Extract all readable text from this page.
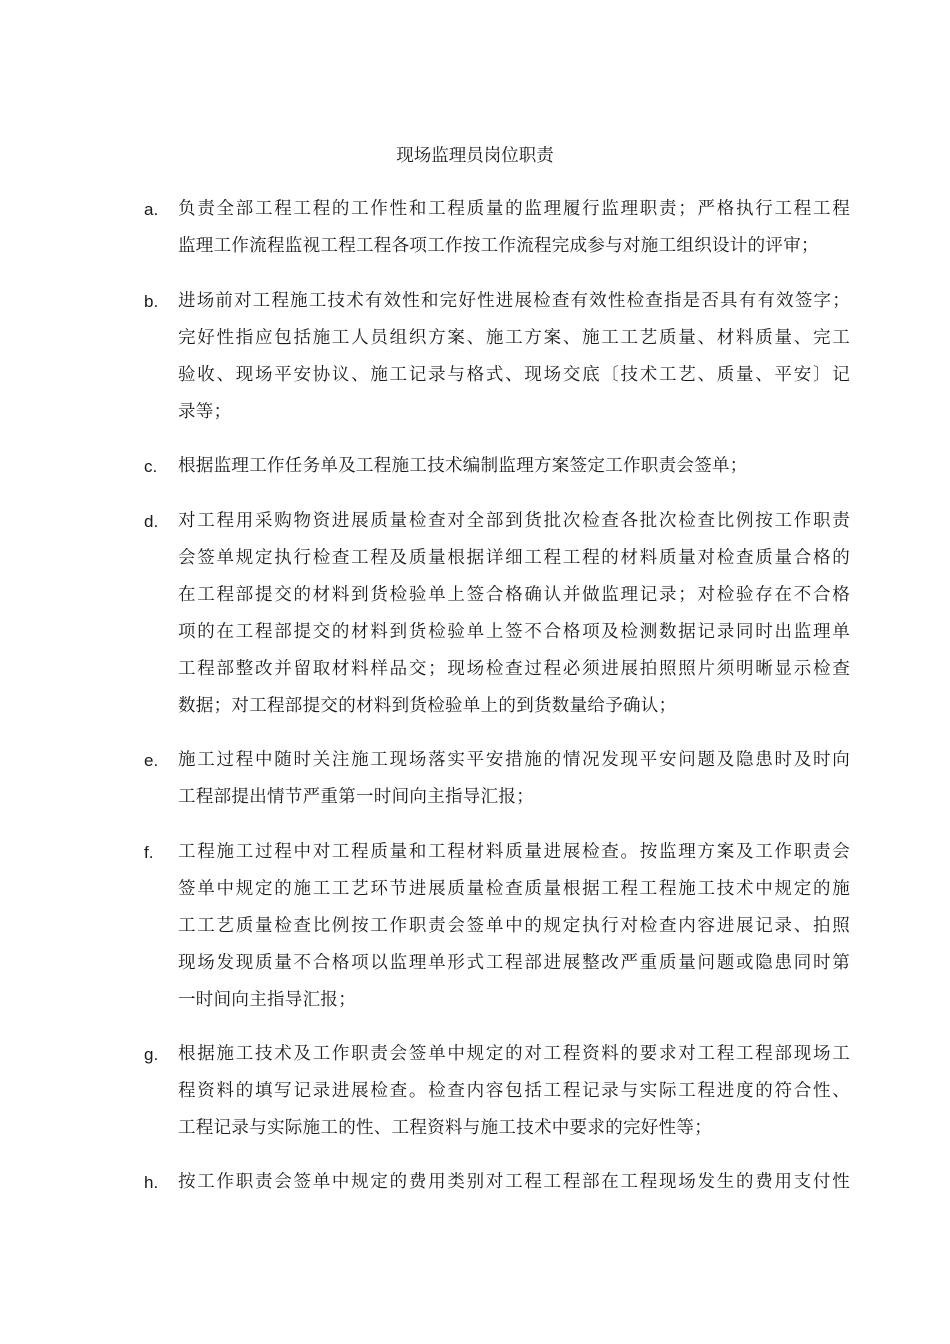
现场监理员岗位职责
a. 负责全部工程工程的工作性和工程质量的监理履行监理职责；严格执行工程工程
监理工作流程监视工程工程各项工作按工作流程完成参与对施工组织设计的评审；
b. 进场前对工程施工技术有效性和完好性进展检查有效性检查指是否具有有效签字；
完好性指应包括施工人员组织方案、施工方案、施工工艺质量、材料质量、完工
验收、现场平安协议、施工记录与格式、现场交底〔技术工艺、质量、平安〕记
录等；
c. 根据监理工作任务单及工程施工技术编制监理方案签定工作职责会签单；
d. 对工程用采购物资进展质量检查对全部到货批次检查各批次检查比例按工作职责
会签单规定执行检查工程及质量根据详细工程工程的材料质量对检查质量合格的
在工程部提交的材料到货检验单上签合格确认并做监理记录；对检验存在不合格
项的在工程部提交的材料到货检验单上签不合格项及检测数据记录同时出监理单
工程部整改并留取材料样品交；现场检查过程必须进展拍照照片须明晰显示检查
数据；对工程部提交的材料到货检验单上的到货数量给予确认；
e. 施工过程中随时关注施工现场落实平安措施的情况发现平安问题及隐患时及时向
工程部提出情节严重第一时间向主指导汇报；
f. 工程施工过程中对工程质量和工程材料质量进展检查。按监理方案及工作职责会
签单中规定的施工工艺环节进展质量检查质量根据工程工程施工技术中规定的施
工工艺质量检查比例按工作职责会签单中的规定执行对检查内容进展记录、拍照
现场发现质量不合格项以监理单形式工程部进展整改严重质量问题或隐患同时第
一时间向主指导汇报；
g. 根据施工技术及工作职责会签单中规定的对工程资料的要求对工程工程部现场工
程资料的填写记录进展检查。检查内容包括工程记录与实际工程进度的符合性、
工程记录与实际施工的性、工程资料与施工技术中要求的完好性等；
h. 按工作职责会签单中规定的费用类别对工程工程部在工程现场发生的费用支付性
